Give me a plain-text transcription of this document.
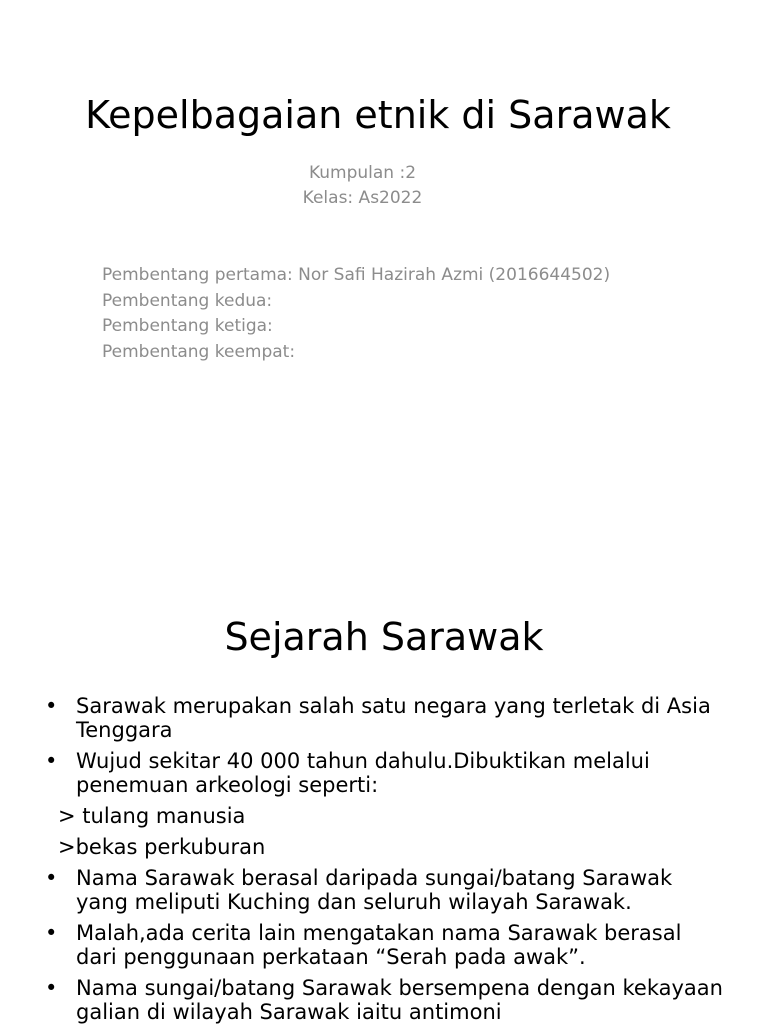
Kepelbagaian etnik di Sarawak
Kumpulan :2
Kelas: As2022
Pembentang pertama: Nor Safi Hazirah Azmi (2016644502)
Pembentang kedua:
Pembentang ketiga:
Pembentang keempat:
Sejarah Sarawak
• Sarawak merupakan salah satu negara yang terletak di Asia Tenggara
• Wujud sekitar 40 000 tahun dahulu.Dibuktikan melalui penemuan arkeologi seperti:
> tulang manusia
>bekas perkuburan
• Nama Sarawak berasal daripada sungai/batang Sarawak yang meliputi Kuching dan seluruh wilayah Sarawak.
• Malah,ada cerita lain mengatakan nama Sarawak berasal dari penggunaan perkataan “Serah pada awak”.
• Nama sungai/batang Sarawak bersempena dengan kekayaan galian di wilayah Sarawak iaitu antimoni
